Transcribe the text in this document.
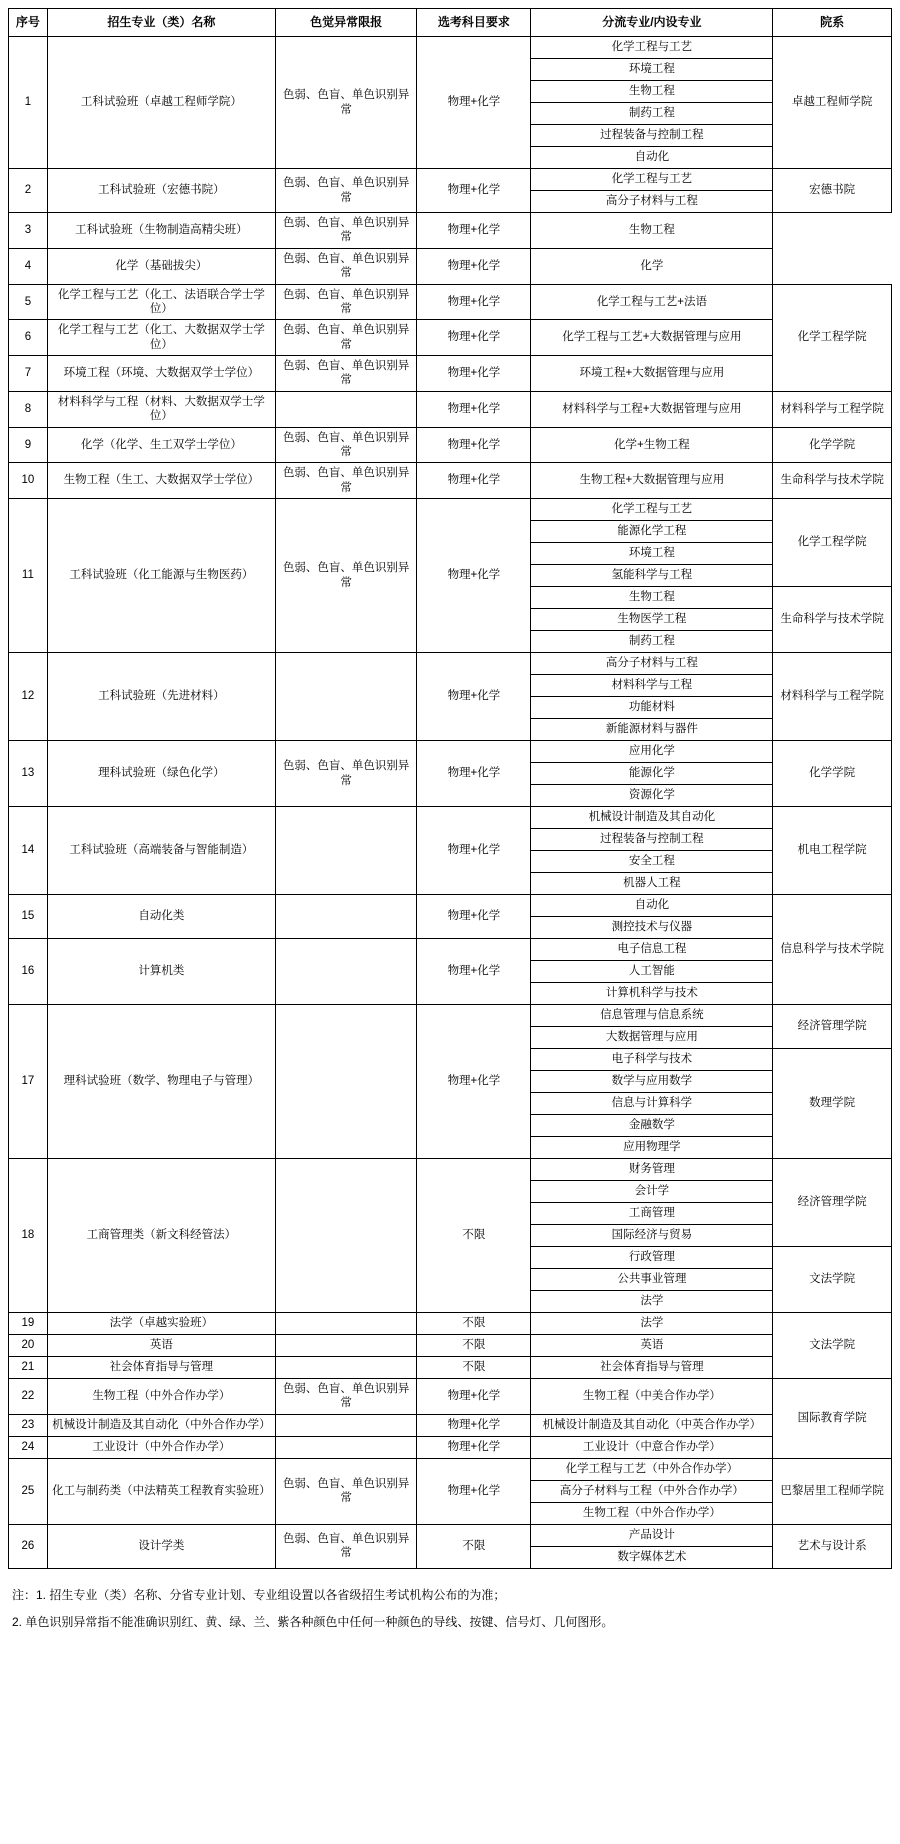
序号	招生专业（类）名称	色觉异常限报	选考科目要求	分流专业/内设专业	院系
1	工科试验班（卓越工程师学院）	色弱、色盲、单色识别异常	物理+化学	化学工程与工艺	卓越工程师学院
				环境工程	
				生物工程	
				制药工程	
				过程装备与控制工程	
				自动化	
2	工科试验班（宏德书院）	色弱、色盲、单色识别异常	物理+化学	化学工程与工艺	宏德书院
				高分子材料与工程	
3	工科试验班（生物制造高精尖班）	色弱、色盲、单色识别异常	物理+化学	生物工程	
4	化学（基础拔尖）	色弱、色盲、单色识别异常	物理+化学	化学	
5	化学工程与工艺（化工、法语联合学士学位）	色弱、色盲、单色识别异常	物理+化学	化学工程与工艺+法语	化学工程学院
6	化学工程与工艺（化工、大数据双学士学位）	色弱、色盲、单色识别异常	物理+化学	化学工程与工艺+大数据管理与应用	
7	环境工程（环境、大数据双学士学位）	色弱、色盲、单色识别异常	物理+化学	环境工程+大数据管理与应用	
8	材料科学与工程（材料、大数据双学士学位）		物理+化学	材料科学与工程+大数据管理与应用	材料科学与工程学院
9	化学（化学、生工双学士学位）	色弱、色盲、单色识别异常	物理+化学	化学+生物工程	化学学院
10	生物工程（生工、大数据双学士学位）	色弱、色盲、单色识别异常	物理+化学	生物工程+大数据管理与应用	生命科学与技术学院
11	工科试验班（化工能源与生物医药）	色弱、色盲、单色识别异常	物理+化学	化学工程与工艺	化学工程学院
				能源化学工程	
				环境工程	
				氢能科学与工程	
				生物工程	生命科学与技术学院
				生物医学工程	
				制药工程	
12	工科试验班（先进材料）		物理+化学	高分子材料与工程	材料科学与工程学院
				材料科学与工程	
				功能材料	
				新能源材料与器件	
13	理科试验班（绿色化学）	色弱、色盲、单色识别异常	物理+化学	应用化学	化学学院
				能源化学	
				资源化学	
14	工科试验班（高端装备与智能制造）		物理+化学	机械设计制造及其自动化	机电工程学院
				过程装备与控制工程	
				安全工程	
				机器人工程	
15	自动化类		物理+化学	自动化	信息科学与技术学院
				测控技术与仪器	
16	计算机类		物理+化学	电子信息工程	
				人工智能	
				计算机科学与技术	
17	理科试验班（数学、物理电子与管理）		物理+化学	信息管理与信息系统	经济管理学院
				大数据管理与应用	
				电子科学与技术	数理学院
				数学与应用数学	
				信息与计算科学	
				金融数学	
				应用物理学	
18	工商管理类（新文科经管法）		不限	财务管理	经济管理学院
				会计学	
				工商管理	
				国际经济与贸易	
				行政管理	文法学院
				公共事业管理	
				法学	
19	法学（卓越实验班）		不限	法学	文法学院
20	英语		不限	英语	
21	社会体育指导与管理		不限	社会体育指导与管理	
22	生物工程（中外合作办学）	色弱、色盲、单色识别异常	物理+化学	生物工程（中美合作办学）	国际教育学院
23	机械设计制造及其自动化（中外合作办学）		物理+化学	机械设计制造及其自动化（中英合作办学）	
24	工业设计（中外合作办学）		物理+化学	工业设计（中意合作办学）	
25	化工与制药类（中法精英工程教育实验班）	色弱、色盲、单色识别异常	物理+化学	化学工程与工艺（中外合作办学）	巴黎居里工程师学院
				高分子材料与工程（中外合作办学）	
				生物工程（中外合作办学）	
26	设计学类	色弱、色盲、单色识别异常	不限	产品设计	艺术与设计系
				数字媒体艺术	
注：1. 招生专业（类）名称、分省专业计划、专业组设置以各省级招生考试机构公布的为准；
2. 单色识别异常指不能准确识别红、黄、绿、兰、紫各种颜色中任何一种颜色的导线、按键、信号灯、几何图形。
